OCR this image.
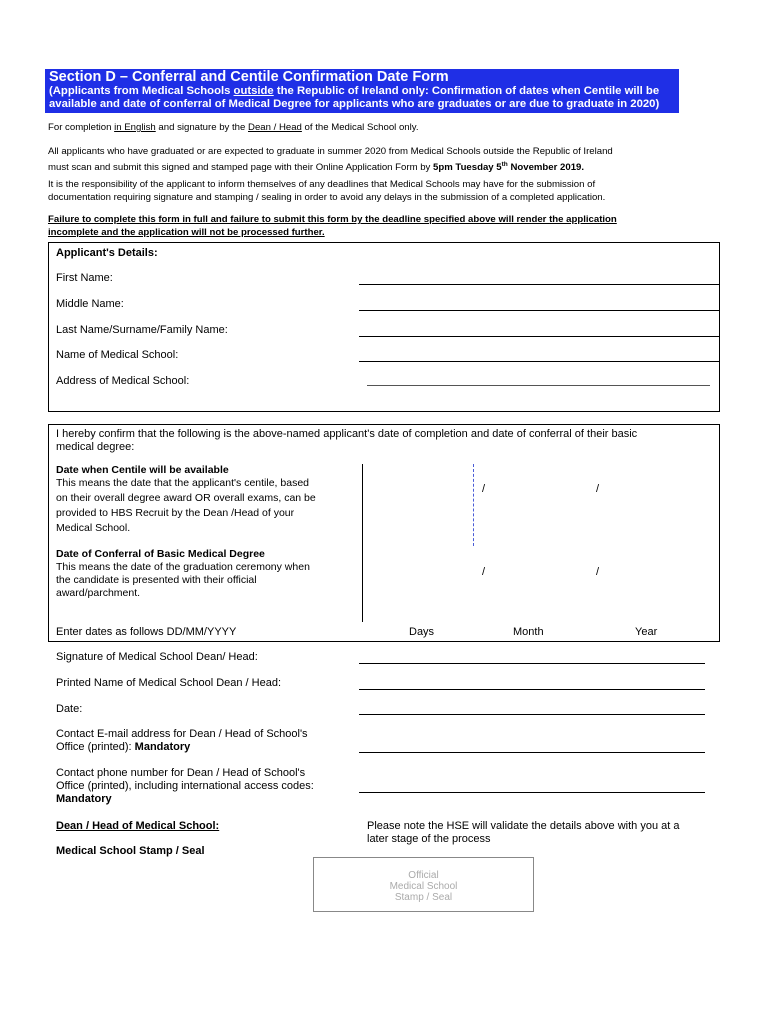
Section D – Conferral and Centile Confirmation Date Form
(Applicants from Medical Schools outside the Republic of Ireland only: Confirmation of dates when Centile will be
available and date of conferral of Medical Degree for applicants who are graduates or are due to graduate in 2020)
For completion in English and signature by the Dean / Head of the Medical School only.
All applicants who have graduated or are expected to graduate in summer 2020 from Medical Schools outside the Republic of Ireland
must scan and submit this signed and stamped page with their Online Application Form by 5pm Tuesday 5th November 2019.
It is the responsibility of the applicant to inform themselves of any deadlines that Medical Schools may have for the submission of
documentation requiring signature and stamping / sealing in order to avoid any delays in the submission of a completed application.
Failure to complete this form in full and failure to submit this form by the deadline specified above will render the application
incomplete and the application will not be processed further.
Applicant's Details:
First Name:
Middle Name:
Last Name/Surname/Family Name:
Name of Medical School:
Address of Medical School:
I hereby confirm that the following is the above-named applicant's date of completion and date of conferral of their basic
medical degree:
Date when Centile will be available
This means the date that the applicant's centile, based
on their overall degree award OR overall exams, can be
provided to HBS Recruit by the Dean /Head of your
Medical School.
/	/
Date of Conferral of Basic Medical Degree
This means the date of the graduation ceremony when
the candidate is presented with their official
award/parchment.
/	/
Enter dates as follows DD/MM/YYYY	Days	Month	Year
Signature of Medical School Dean/ Head:
Printed Name of Medical School Dean / Head:
Date:
Contact E-mail address for Dean / Head of School's
Office (printed): Mandatory
Contact phone number for Dean / Head of School's
Office (printed), including international access codes:
Mandatory
Dean / Head of Medical School:
Medical School Stamp / Seal
Please note the HSE will validate the details above with you at a
later stage of the process
Official
Medical School
Stamp / Seal
